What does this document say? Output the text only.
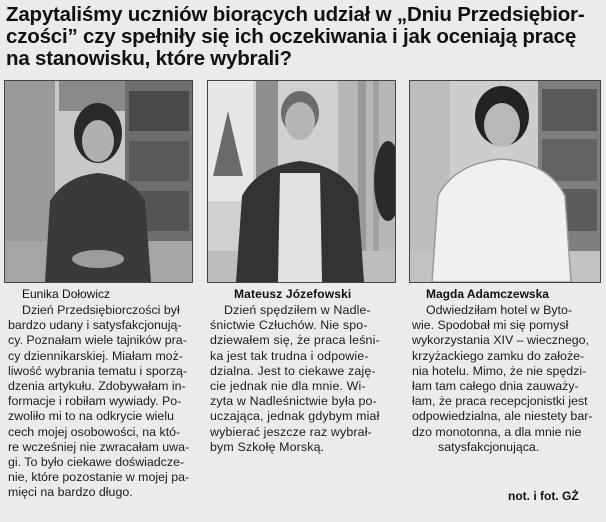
Zapytaliśmy uczniów biorących udział w „Dniu Przedsiębior-
czości” czy spełniły się ich oczekiwania i jak oceniają pracę
na stanowisku, które wybrali?

Eunika Dołowicz

Dzień Przedsiębiorczości był
bardzo udany i satysfakcjonują-
cy. Poznałam wiele tajników pra-
cy dziennikarskiej. Miałam moż-
liwość wybrania tematu i sporzą-
dzenia artykułu. Zdobywałam in-
formacje i robiłam wywiady. Po-
zwoliło mi to na odkrycie wielu
cech mojej osobowości, na któ-
re wcześniej nie zwracałam uwa-
gi. To było ciekawe doświadcze-
nie, które pozostanie w mojej pa-
mięci na bardzo długo.

Mateusz Józefowski

Dzień spędziłem w Nadle-
śnictwie Człuchów. Nie spo-
dziewałem się, że praca leśni-
ka jest tak trudna i odpowie-
dzialna. Jest to ciekawe zaję-
cie jednak nie dla mnie. Wi-
zyta w Nadleśnictwie była po-
uczająca, jednak gdybym miał
wybierać jeszcze raz wybrał-
bym Szkołę Morską.

Magda Adamczewska

Odwiedziłam hotel w Byto-
wie. Spodobał mi się pomysł
wykorzystania XIV – wiecznego,
krzyżackiego zamku do założe-
nia hotelu. Mimo, że nie spędzi-
łam tam całego dnia zauważy-
łam, że praca recepcjonistki jest
odpowiedzialna, ale niestety bar-
dzo monotonna, a dla mnie nie
satysfakcjonująca.

not. i fot. GŻ
